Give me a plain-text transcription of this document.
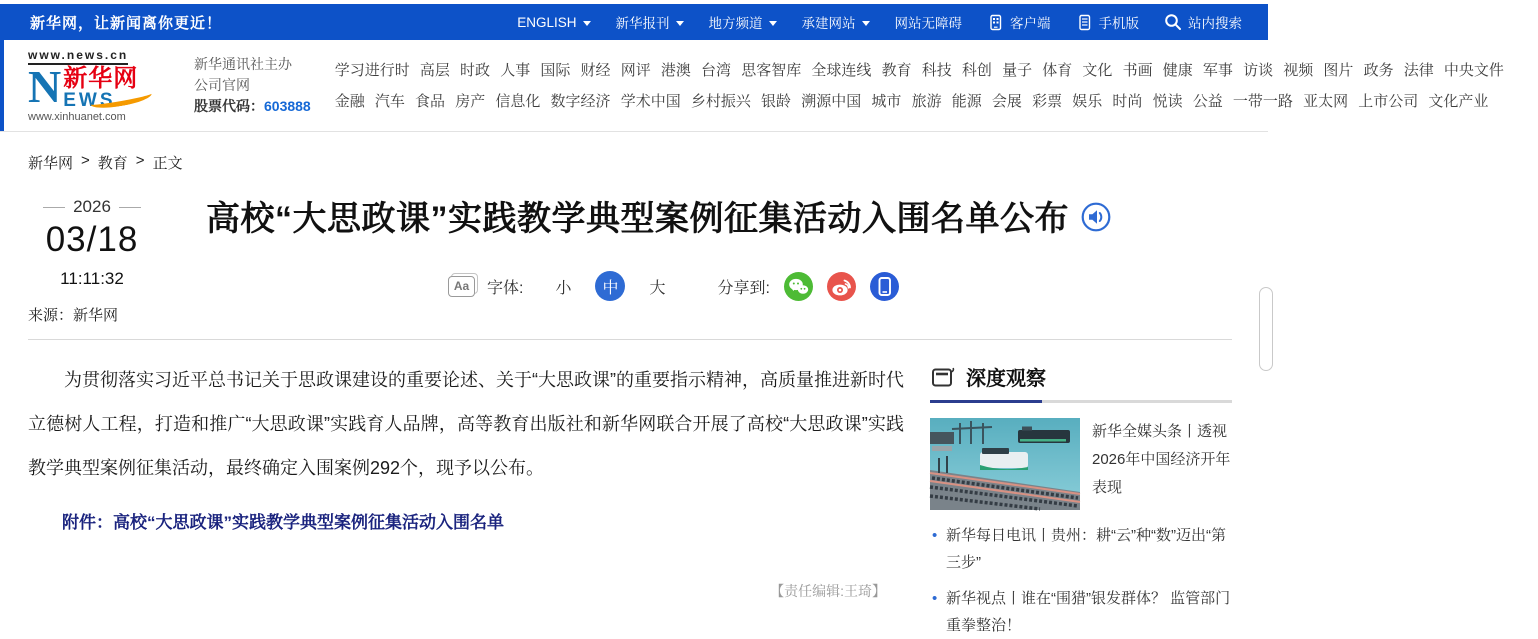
新华网，让新闻离你更近！	ENGLISH	新华报刊	地方频道	承建网站	网站无障碍	客户端	手机版	站内搜索
www.news.cn
N 新华网
EWS
www.xinhuanet.com
新华通讯社主办
公司官网
股票代码：603888
学习进行时 高层 时政 人事 国际 财经 网评 港澳 台湾 思客智库 全球连线 教育 科技 科创 量子 体育 文化 书画 健康 军事 访谈 视频 图片 政务 法律 中央文件
金融 汽车 食品 房产 信息化 数字经济 学术中国 乡村振兴 银龄 溯源中国 城市 旅游 能源 会展 彩票 娱乐 时尚 悦读 公益 一带一路 亚太网 上市公司 文化产业
新华网 > 教育 > 正文
2026
03/18
11:11:32
来源：新华网
高校“大思政课”实践教学典型案例征集活动入围名单公布
Aa	字体: 小	中	大	分享到:

为贯彻落实习近平总书记关于思政课建设的重要论述、关于“大思政课”的重要指示精神，高质量推进新时代立德树人工程，打造和推广“大思政课”实践育人品牌，高等教育出版社和新华网联合开展了高校“大思政课”实践教学典型案例征集活动，最终确定入围案例292个，现予以公布。

附件：高校“大思政课”实践教学典型案例征集活动入围名单
【责任编辑:王琦】
深度观察
新华全媒头条丨透视2026年中国经济开年表现
• 新华每日电讯丨贵州：耕“云”种“数”迈出“第三步”
• 新华视点丨谁在“围猎”银发群体？ 监管部门重拳整治！
